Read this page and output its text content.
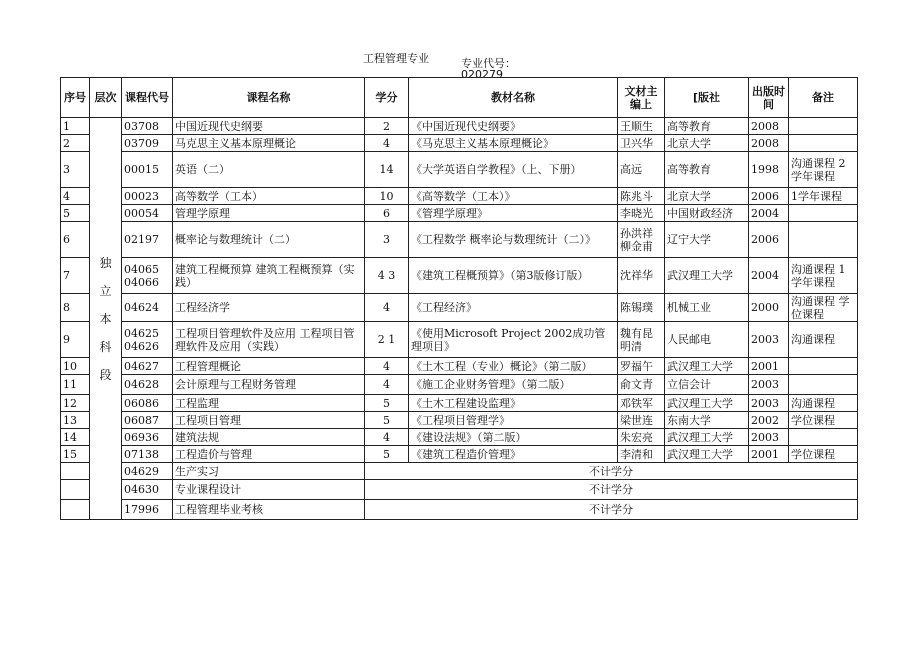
工程管理专业	专业代号：
020279
序号	层次	课程代号	课程名称	学分	教材名称	文材主编上	[版社	出版时间	备注	
1	独立本科段	03708	中国近现代史纲要	2	《中国近现代史纲要》	王顺生	高等教育	2008		
2		03709	马克思主义基本原理概论	4	《马克思主义基本原理概论》	卫兴华	北京大学	2008		
3		00015	英语（二）	14	《大学英语自学教程》（上、下册）	高远	高等教育	1998	沟通课程 2学年课程	
4		00023	高等数学（工本）	10	《高等数学（工本）》	陈兆斗	北京大学	2006	1学年课程	
5		00054	管理学原理	6	《管理学原理》	李晓光	中国财政经济	2004		
6		02197	概率论与数理统计（二）	3	《工程数学 概率论与数理统计（二）》	孙洪祥 柳金甫	辽宁大学	2006		
7		04065 04066	建筑工程概预算 建筑工程概预算（实践）	4 3	《建筑工程概预算》（第3版修订版）	沈祥华	武汉理工大学	2004	沟通课程 1学年课程	
8		04624	工程经济学	4	《工程经济》	陈锡璞	机械工业	2000	沟通课程 学位课程	
9		04625 04626	工程项目管理软件及应用 工程项目管理软件及应用（实践）	2 1	《使用Microsoft Project 2002成功管理项目》	魏有昆 明清	人民邮电	2003	沟通课程	
10		04627	工程管理概论	4	《土木工程（专业）概论》（第二版）	罗福午	武汉理工大学	2001		
11		04628	会计原理与工程财务管理	4	《施工企业财务管理》（第二版）	俞文青	立信会计	2003		
12		06086	工程监理	5	《土木工程建设监理》	邓铁军	武汉理工大学	2003	沟通课程	
13		06087	工程项目管理	5	《工程项目管理学》	梁世连	东南大学	2002	学位课程	
14		06936	建筑法规	4	《建设法规》（第二版）	朱宏亮	武汉理工大学	2003		
15		07138	工程造价与管理	5	《建筑工程造价管理》	李清和	武汉理工大学	2001	学位课程	
		04629	生产实习	不计学分	
		04630	专业课程设计	不计学分	
		17996	工程管理毕业考核	不计学分						
